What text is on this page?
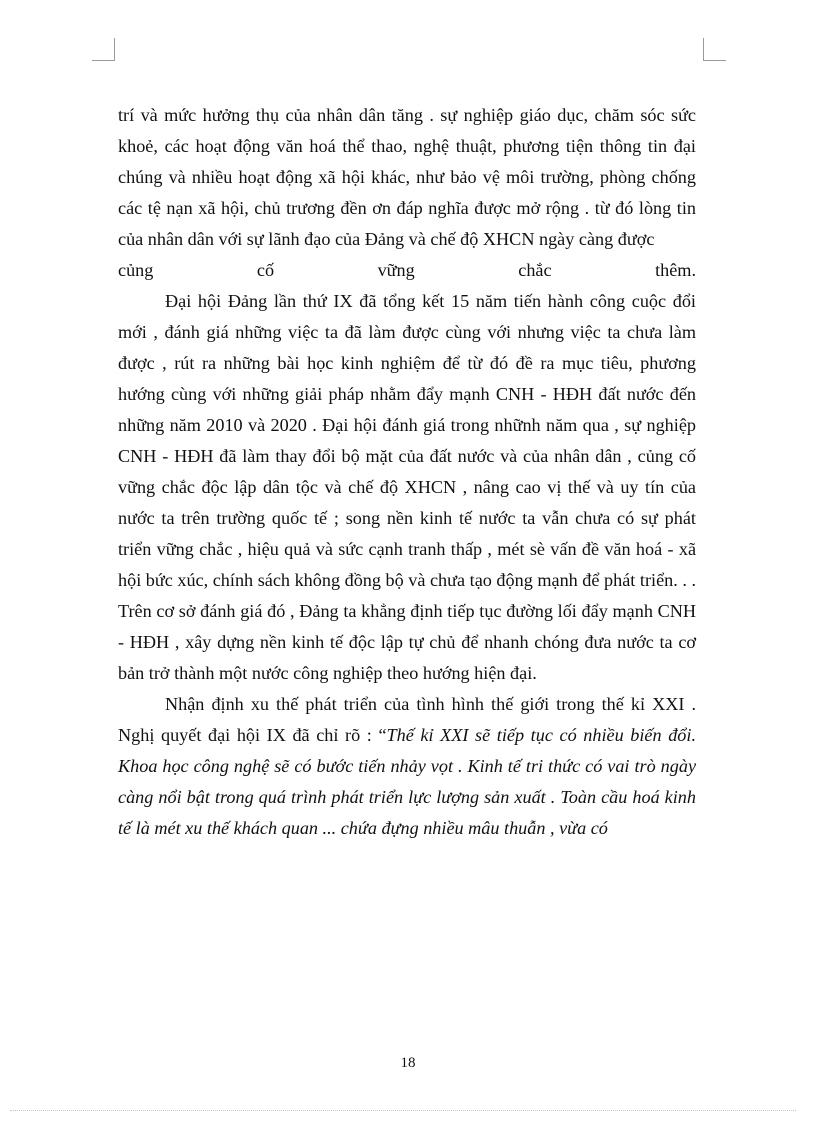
trí và mức hưởng thụ của nhân dân tăng . sự nghiệp giáo dục, chăm sóc sức khoẻ, các hoạt động văn hoá thể thao, nghệ thuật, phương tiện thông tin đại chúng và nhiều hoạt động xã hội khác, như bảo vệ môi trường, phòng chống các tệ nạn xã hội, chủ trương đền ơn đáp nghĩa được mở rộng . từ đó lòng tin của nhân dân với sự lãnh đạo của Đảng và chế độ XHCN ngày càng được

củng cố vững chắc thêm.

Đại hội Đảng lần thứ IX đã tổng kết 15 năm tiến hành công cuộc đổi mới , đánh giá những việc ta đã làm được cùng với nhưng việc ta chưa làm được , rút ra những bài học kinh nghiệm để từ đó đề ra mục tiêu, phương hướng cùng với những giải pháp nhằm đẩy mạnh CNH - HĐH đất nước đến những năm 2010 và 2020 . Đại hội đánh giá trong nhữnh năm qua , sự nghiệp CNH - HĐH đã làm thay đổi bộ mặt của đất nước và của nhân dân , củng cố vững chắc độc lập dân tộc và chế độ XHCN , nâng cao vị thế và uy tín của nước ta trên trường quốc tế ; song nền kinh tế nước ta vẫn chưa có sự phát triển vững chắc , hiệu quả và sức cạnh tranh thấp , mét sè vấn đề văn hoá - xã hội bức xúc, chính sách không đồng bộ và chưa tạo động mạnh để phát triển. . . Trên cơ sở đánh giá đó , Đảng ta khẳng định tiếp tục đường lối đẩy mạnh CNH - HĐH , xây dựng nền kinh tế độc lập tự chủ để nhanh chóng đưa nước ta cơ bản trở thành một nước công nghiệp theo hướng hiện đại.

Nhận định xu thế phát triển của tình hình thế giới trong thế kỉ XXI . Nghị quyết đại hội IX đã chỉ rõ : “Thế kỉ XXI sẽ tiếp tục có nhiều biến đổi. Khoa học công nghệ sẽ có bước tiến nhảy vọt . Kinh tế tri thức có vai trò ngày càng nổi bật trong quá trình phát triển lực lượng sản xuất . Toàn cầu hoá kinh tế là mét xu thế khách quan ... chứa đựng nhiều mâu thuẫn , vừa có

18
